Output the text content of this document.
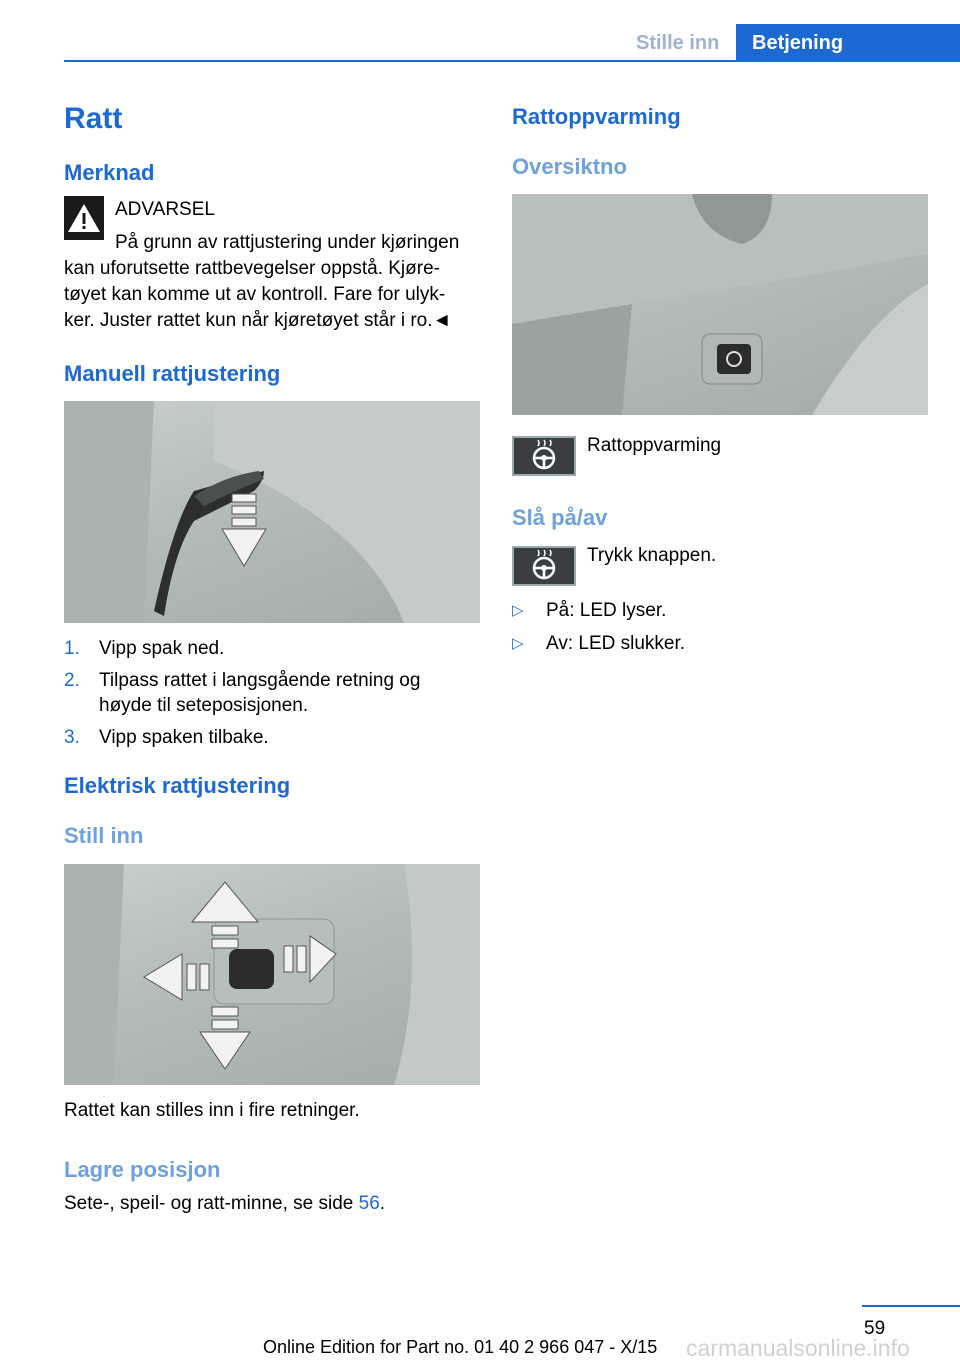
Stille inn Betjening
Ratt
Merknad
ADVARSEL
På grunn av rattjustering under kjøringen
kan uforutsette rattbevegelser oppstå. Kjøre-
tøyet kan komme ut av kontroll. Fare for ulyk-
ker. Juster rattet kun når kjøretøyet står i ro.◄
Manuell rattjustering
1. Vipp spak ned.
2. Tilpass rattet i langsgående retning og
høyde til seteposisjonen.
3. Vipp spaken tilbake.
Elektrisk rattjustering
Still inn
Rattet kan stilles inn i fire retninger.
Lagre posisjon
Sete-, speil- og ratt-minne, se side 56.
Rattoppvarming
Oversiktno
Rattoppvarming
Slå på/av
Trykk knappen.
▷ På: LED lyser.
▷ Av: LED slukker.
59
Online Edition for Part no. 01 40 2 966 047 - X/15 carmanualsonline.info
